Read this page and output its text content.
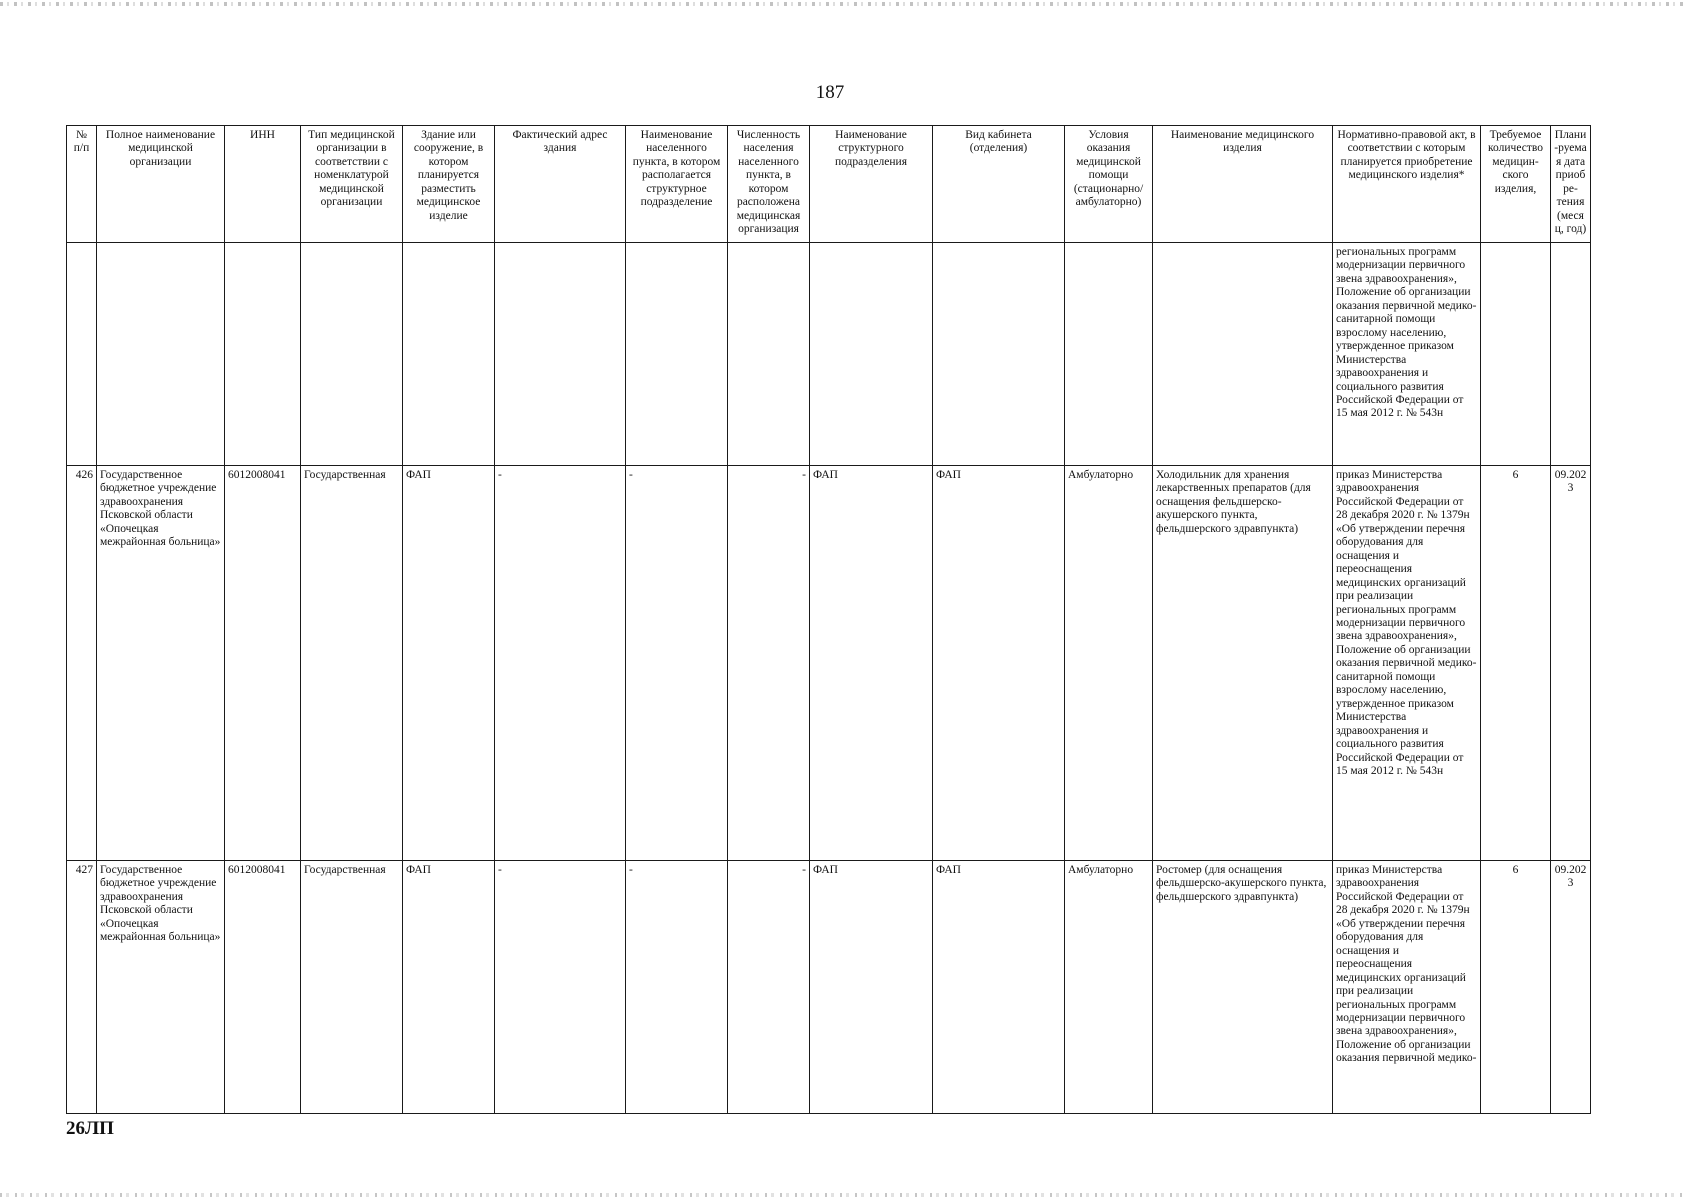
187
№ п/п	Полное наименование медицинской организации	ИНН	Тип медицинской организации в соответствии с номенклатурой медицинской организации	Здание или сооружение, в котором планируется разместить медицинское изделие	Фактический адрес здания	Наименование населенного пункта, в котором располагается структурное подразделение	Численность населения населенного пункта, в котором расположена медицинская организация	Наименование структурного подразделения	Вид кабинета (отделения)	Условия оказания медицинской помощи (стационарно/ амбулаторно)	Наименование медицинского изделия	Нормативно-правовой акт, в соответствии с которым планируется приобретение медицинского изделия*	Требуемое количество медицин-ского изделия,	Плани-руемая дата приобре-тения (месяц, год)
												региональных программ модернизации первичного звена здравоохранения», Положение об организации оказания первичной медико-санитарной помощи взрослому населению, утвержденное приказом Министерства здравоохранения и социального развития Российской Федерации от 15 мая 2012 г. № 543н		
426	Государственное бюджетное учреждение здравоохранения Псковской области «Опочецкая межрайонная больница»	6012008041	Государственная	ФАП	-	-	-	ФАП	ФАП	Амбулаторно	Холодильник для хранения лекарственных препаратов (для оснащения фельдшерско-акушерского пункта, фельдшерского здравпункта)	приказ Министерства здравоохранения Российской Федерации от 28 декабря 2020 г. № 1379н «Об утверждении перечня оборудования для оснащения и переоснащения медицинских организаций при реализации региональных программ модернизации первичного звена здравоохранения», Положение об организации оказания первичной медико-санитарной помощи взрослому населению, утвержденное приказом Министерства здравоохранения и социального развития Российской Федерации от 15 мая 2012 г. № 543н	6	09.2023
427	Государственное бюджетное учреждение здравоохранения Псковской области «Опочецкая межрайонная больница»	6012008041	Государственная	ФАП	-	-	-	ФАП	ФАП	Амбулаторно	Ростомер (для оснащения фельдшерско-акушерского пункта, фельдшерского здравпункта)	приказ Министерства здравоохранения Российской Федерации от 28 декабря 2020 г. № 1379н «Об утверждении перечня оборудования для оснащения и переоснащения медицинских организаций при реализации региональных программ модернизации первичного звена здравоохранения», Положение об организации оказания первичной медико-	6	09.2023
26ЛП
